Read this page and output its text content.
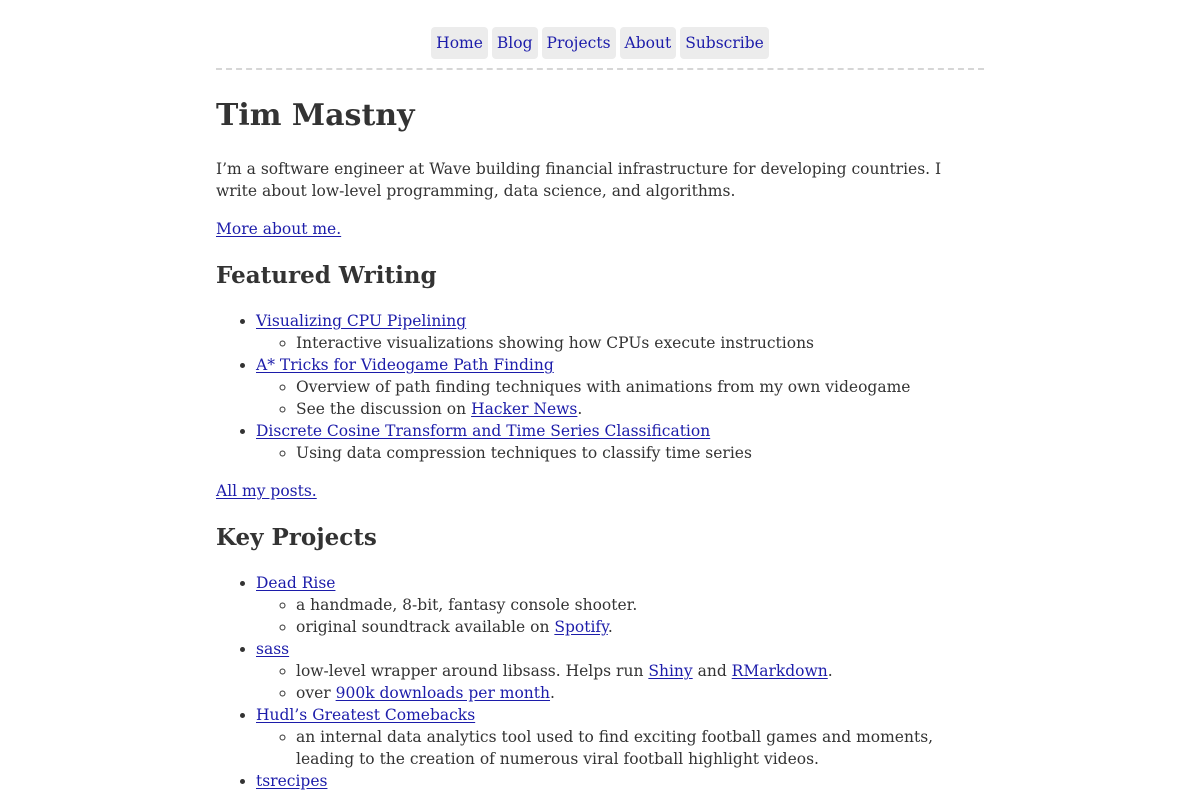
Home Blog Projects About Subscribe
Tim Mastny

I’m a software engineer at Wave building financial infrastructure for developing countries. I write about low-level programming, data science, and algorithms.

More about me.

Featured Writing
• Visualizing CPU Pipelining
◦ Interactive visualizations showing how CPUs execute instructions
• A* Tricks for Videogame Path Finding
◦ Overview of path finding techniques with animations from my own videogame
◦ See the discussion on Hacker News.
• Discrete Cosine Transform and Time Series Classification
◦ Using data compression techniques to classify time series

All my posts.

Key Projects
• Dead Rise
◦ a handmade, 8-bit, fantasy console shooter.
◦ original soundtrack available on Spotify.
• sass
◦ low-level wrapper around libsass. Helps run Shiny and RMarkdown.
◦ over 900k downloads per month.
• Hudl’s Greatest Comebacks
◦ an internal data analytics tool used to find exciting football games and moments, leading to the creation of numerous viral football highlight videos.
• tsrecipes
